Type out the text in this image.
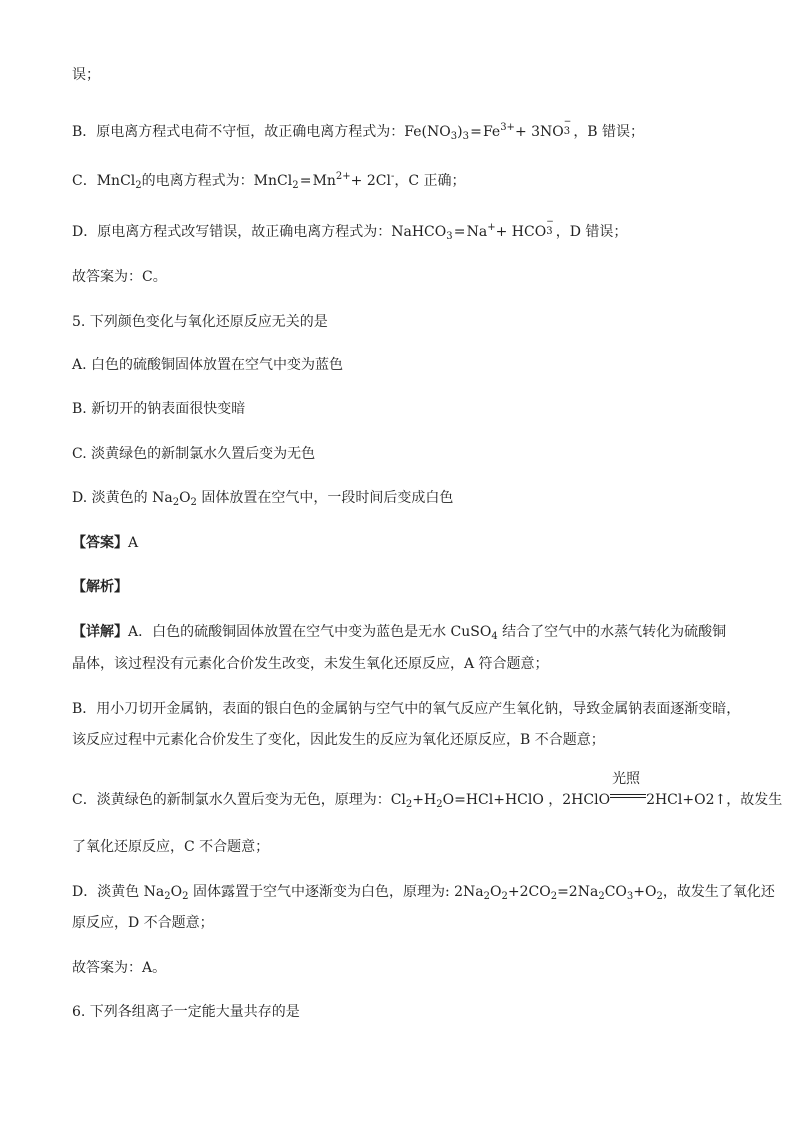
误；
B．原电离方程式电荷不守恒，故正确电离方程式为：$Fe(NO_3)_3=Fe^{3+}+ 3NO$
−
3 ，B 错误；
C．MnCl$_2$的电离方程式为：$MnCl_2=Mn^{2+}+ 2Cl^-$，C 正确；
D．原电离方程式改写错误，故正确电离方程式为：NaHCO$_3$=Na++ HCO
−
3 ，D 错误；
故答案为：C。
5. 下列颜色变化与氧化还原反应无关的是
A. 白色的硫酸铜固体放置在空气中变为蓝色
B. 新切开的钠表面很快变暗
C. 淡黄绿色的新制氯水久置后变为无色
D. 淡黄色的 $Na_2O_2$ 固体放置在空气中，一段时间后变成白色
【答案】A
【解析】
【详解】A．白色的硫酸铜固体放置在空气中变为蓝色是无水 CuSO$_4$ 结合了空气中的水蒸气转化为硫酸铜
晶体，该过程没有元素化合价发生改变，未发生氧化还原反应，A 符合题意；
B．用小刀切开金属钠，表面的银白色的金属钠与空气中的氧气反应产生氧化钠，导致金属钠表面逐渐变暗，
该反应过程中元素化合价发生了变化，因此发生的反应为氧化还原反应，B 不合题意；
C．淡黄绿色的新制氯水久置后变为无色，原理为：$Cl_2+H_2O=HCl+HClO$ ，2HClO
光照
2HCl+O2↑，故发生
了氧化还原反应，C 不合题意；
D．淡黄色 $Na_2O_2$ 固体露置于空气中逐渐变为白色，原理为: $2Na_2O_2+2CO_2=2Na_2CO_3+O_2$，故发生了氧化还
原反应，D 不合题意；
故答案为：A。
6. 下列各组离子一定能大量共存的是
